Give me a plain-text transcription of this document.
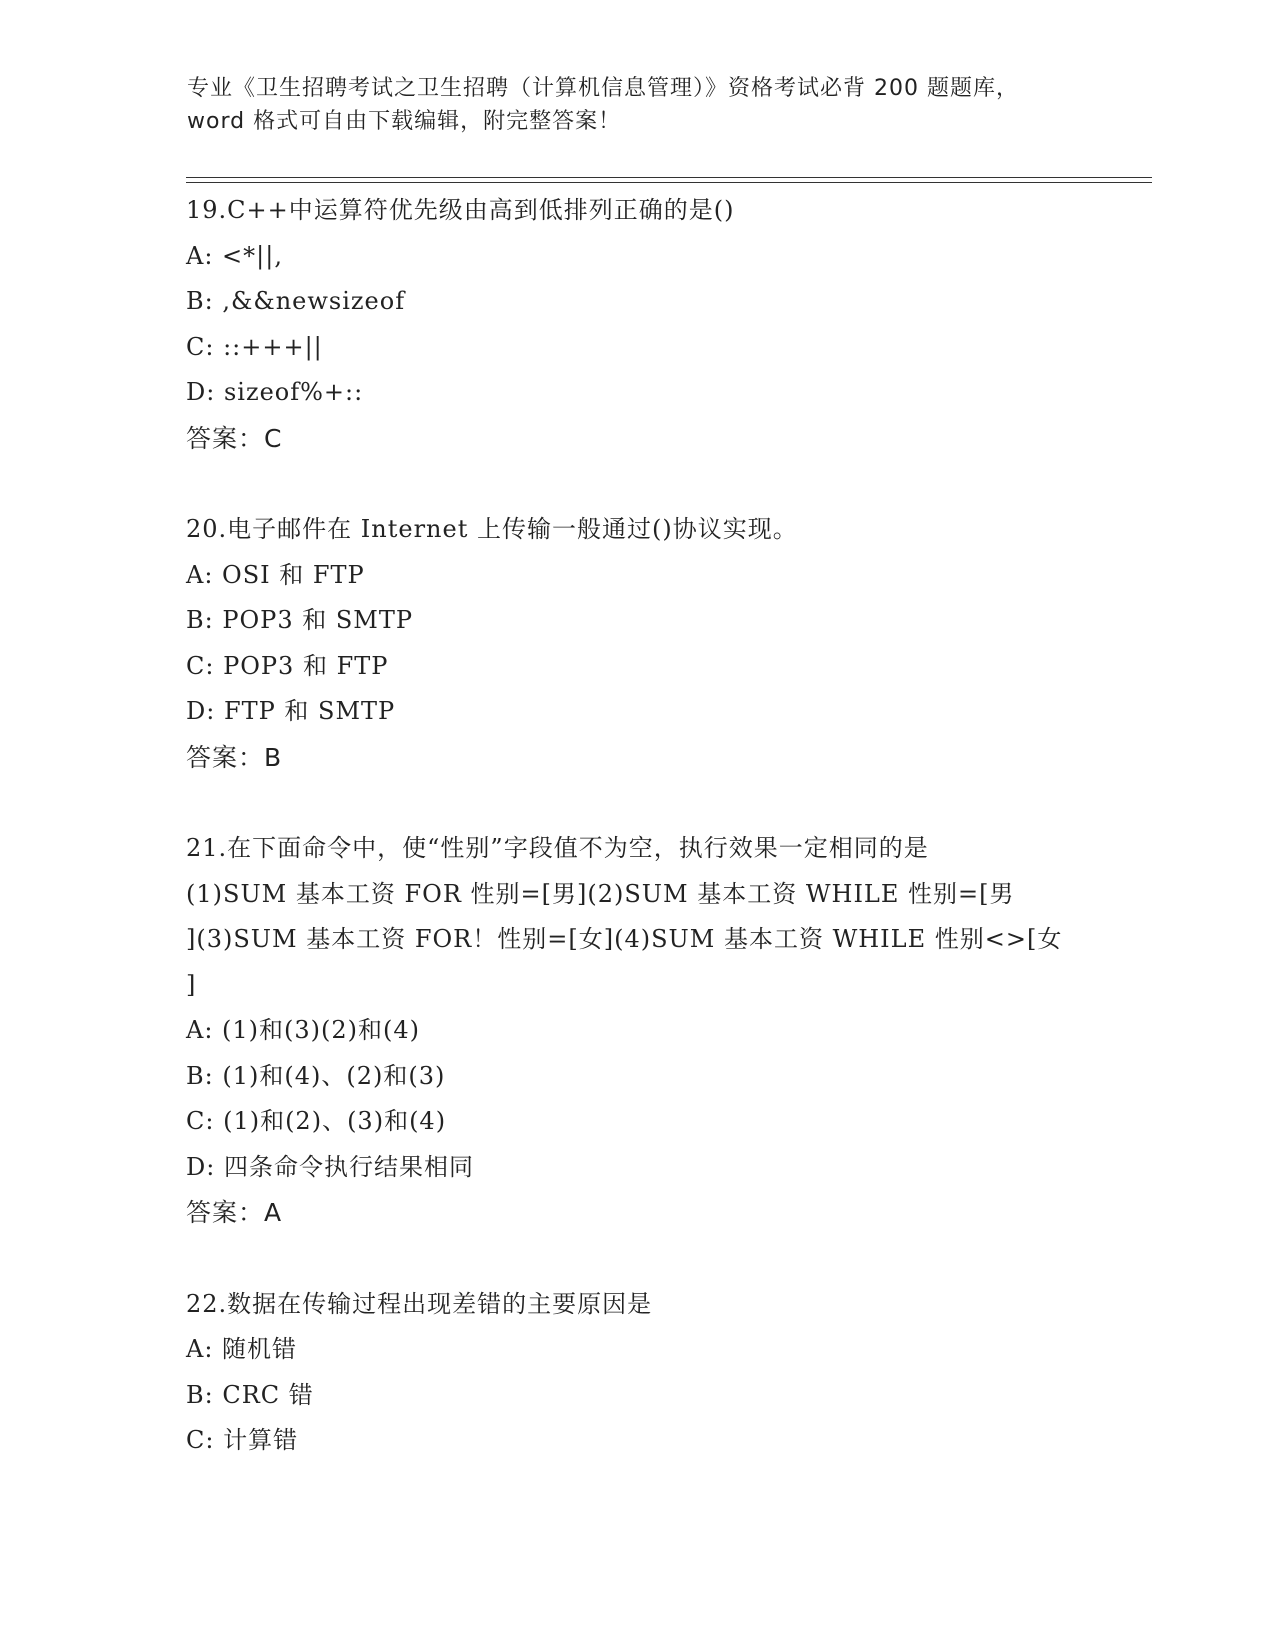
专业《卫生招聘考试之卫生招聘（计算机信息管理）》资格考试必背 200 题题库，
word 格式可自由下载编辑，附完整答案！
19.C++中运算符优先级由高到低排列正确的是()
A: <*||,
B: ,&&newsizeof
C: ::+++||
D: sizeof%+::
答案：C
20.电子邮件在 Internet 上传输一般通过()协议实现。
A: OSI 和 FTP
B: POP3 和 SMTP
C: POP3 和 FTP
D: FTP 和 SMTP
答案：B
21.在下面命令中，使“性别”字段值不为空，执行效果一定相同的是
(1)SUM 基本工资 FOR 性别=[男](2)SUM 基本工资 WHILE 性别=[男
](3)SUM 基本工资 FOR！性别=[女](4)SUM 基本工资 WHILE 性别<>[女
]
A: (1)和(3)(2)和(4)
B: (1)和(4)、(2)和(3)
C: (1)和(2)、(3)和(4)
D: 四条命令执行结果相同
答案：A
22.数据在传输过程出现差错的主要原因是
A: 随机错
B: CRC 错
C: 计算错
